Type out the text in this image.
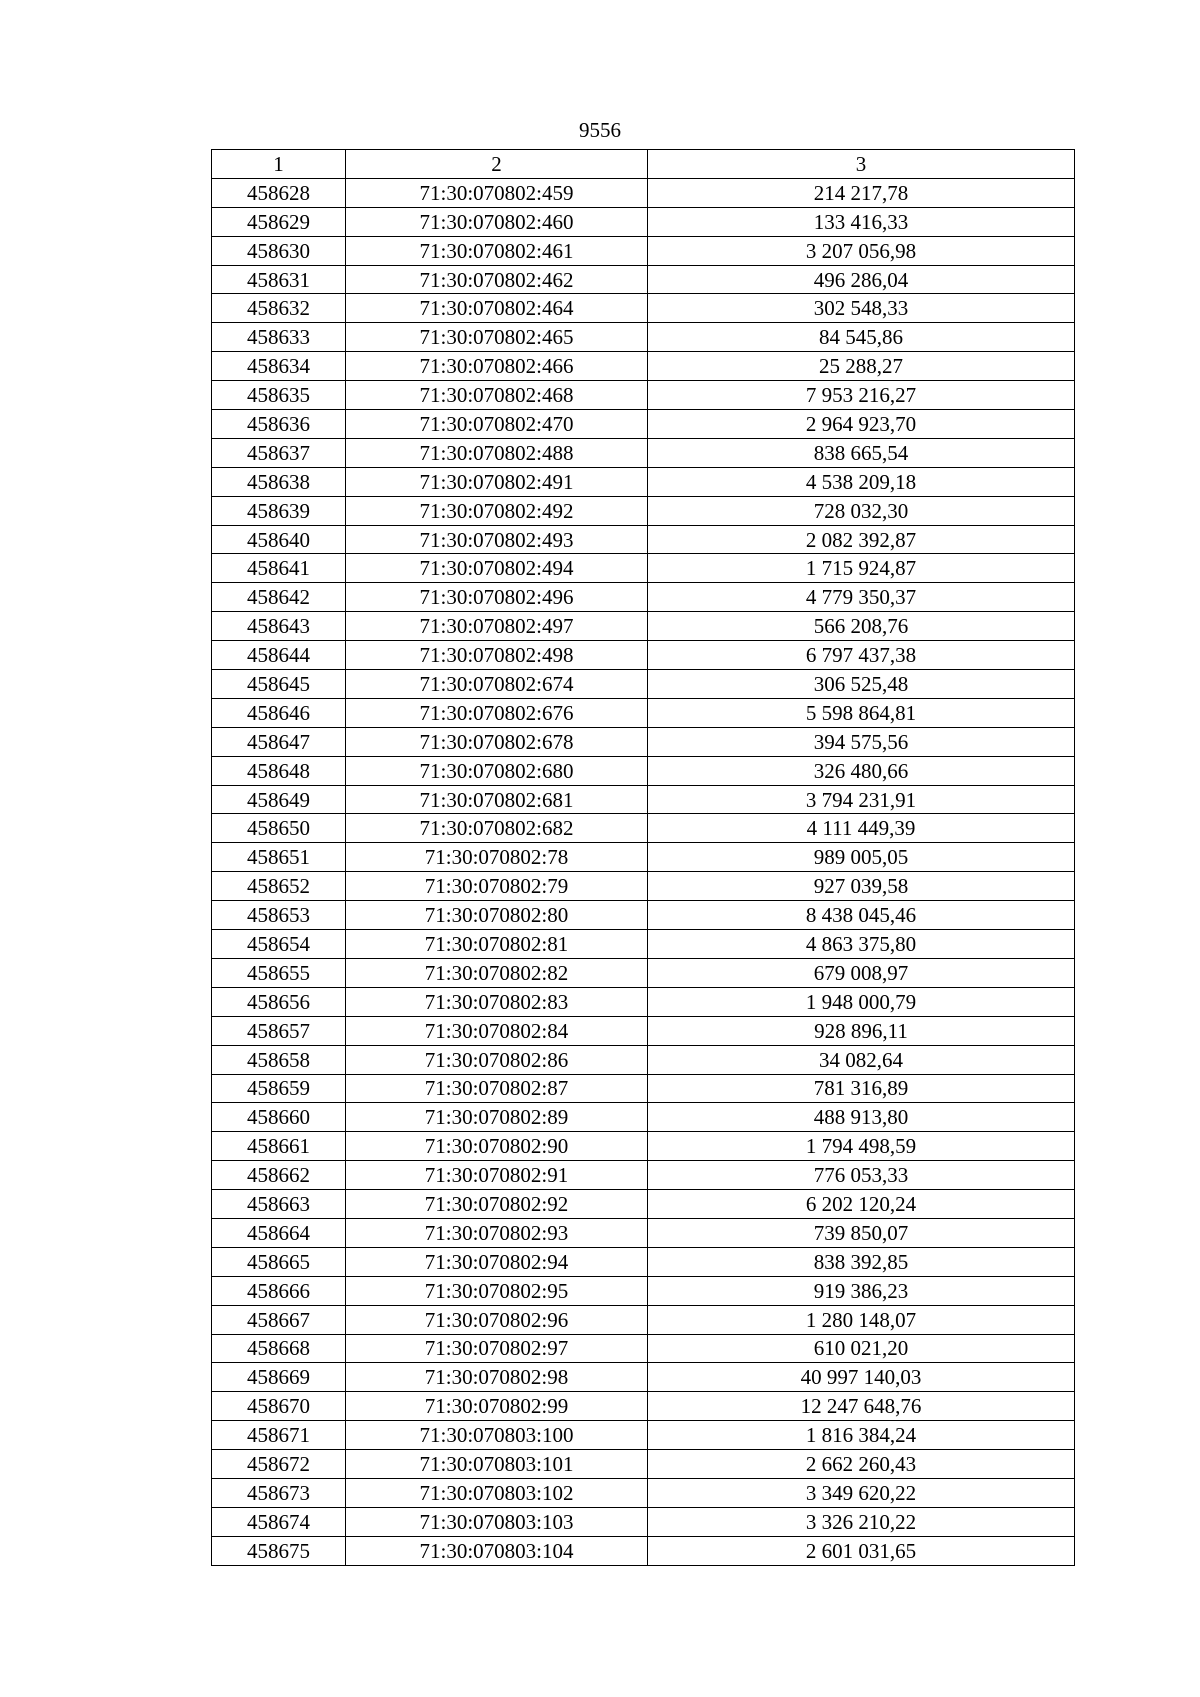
9556
1	2	3
458628	71:30:070802:459	214 217,78
458629	71:30:070802:460	133 416,33
458630	71:30:070802:461	3 207 056,98
458631	71:30:070802:462	496 286,04
458632	71:30:070802:464	302 548,33
458633	71:30:070802:465	84 545,86
458634	71:30:070802:466	25 288,27
458635	71:30:070802:468	7 953 216,27
458636	71:30:070802:470	2 964 923,70
458637	71:30:070802:488	838 665,54
458638	71:30:070802:491	4 538 209,18
458639	71:30:070802:492	728 032,30
458640	71:30:070802:493	2 082 392,87
458641	71:30:070802:494	1 715 924,87
458642	71:30:070802:496	4 779 350,37
458643	71:30:070802:497	566 208,76
458644	71:30:070802:498	6 797 437,38
458645	71:30:070802:674	306 525,48
458646	71:30:070802:676	5 598 864,81
458647	71:30:070802:678	394 575,56
458648	71:30:070802:680	326 480,66
458649	71:30:070802:681	3 794 231,91
458650	71:30:070802:682	4 111 449,39
458651	71:30:070802:78	989 005,05
458652	71:30:070802:79	927 039,58
458653	71:30:070802:80	8 438 045,46
458654	71:30:070802:81	4 863 375,80
458655	71:30:070802:82	679 008,97
458656	71:30:070802:83	1 948 000,79
458657	71:30:070802:84	928 896,11
458658	71:30:070802:86	34 082,64
458659	71:30:070802:87	781 316,89
458660	71:30:070802:89	488 913,80
458661	71:30:070802:90	1 794 498,59
458662	71:30:070802:91	776 053,33
458663	71:30:070802:92	6 202 120,24
458664	71:30:070802:93	739 850,07
458665	71:30:070802:94	838 392,85
458666	71:30:070802:95	919 386,23
458667	71:30:070802:96	1 280 148,07
458668	71:30:070802:97	610 021,20
458669	71:30:070802:98	40 997 140,03
458670	71:30:070802:99	12 247 648,76
458671	71:30:070803:100	1 816 384,24
458672	71:30:070803:101	2 662 260,43
458673	71:30:070803:102	3 349 620,22
458674	71:30:070803:103	3 326 210,22
458675	71:30:070803:104	2 601 031,65
